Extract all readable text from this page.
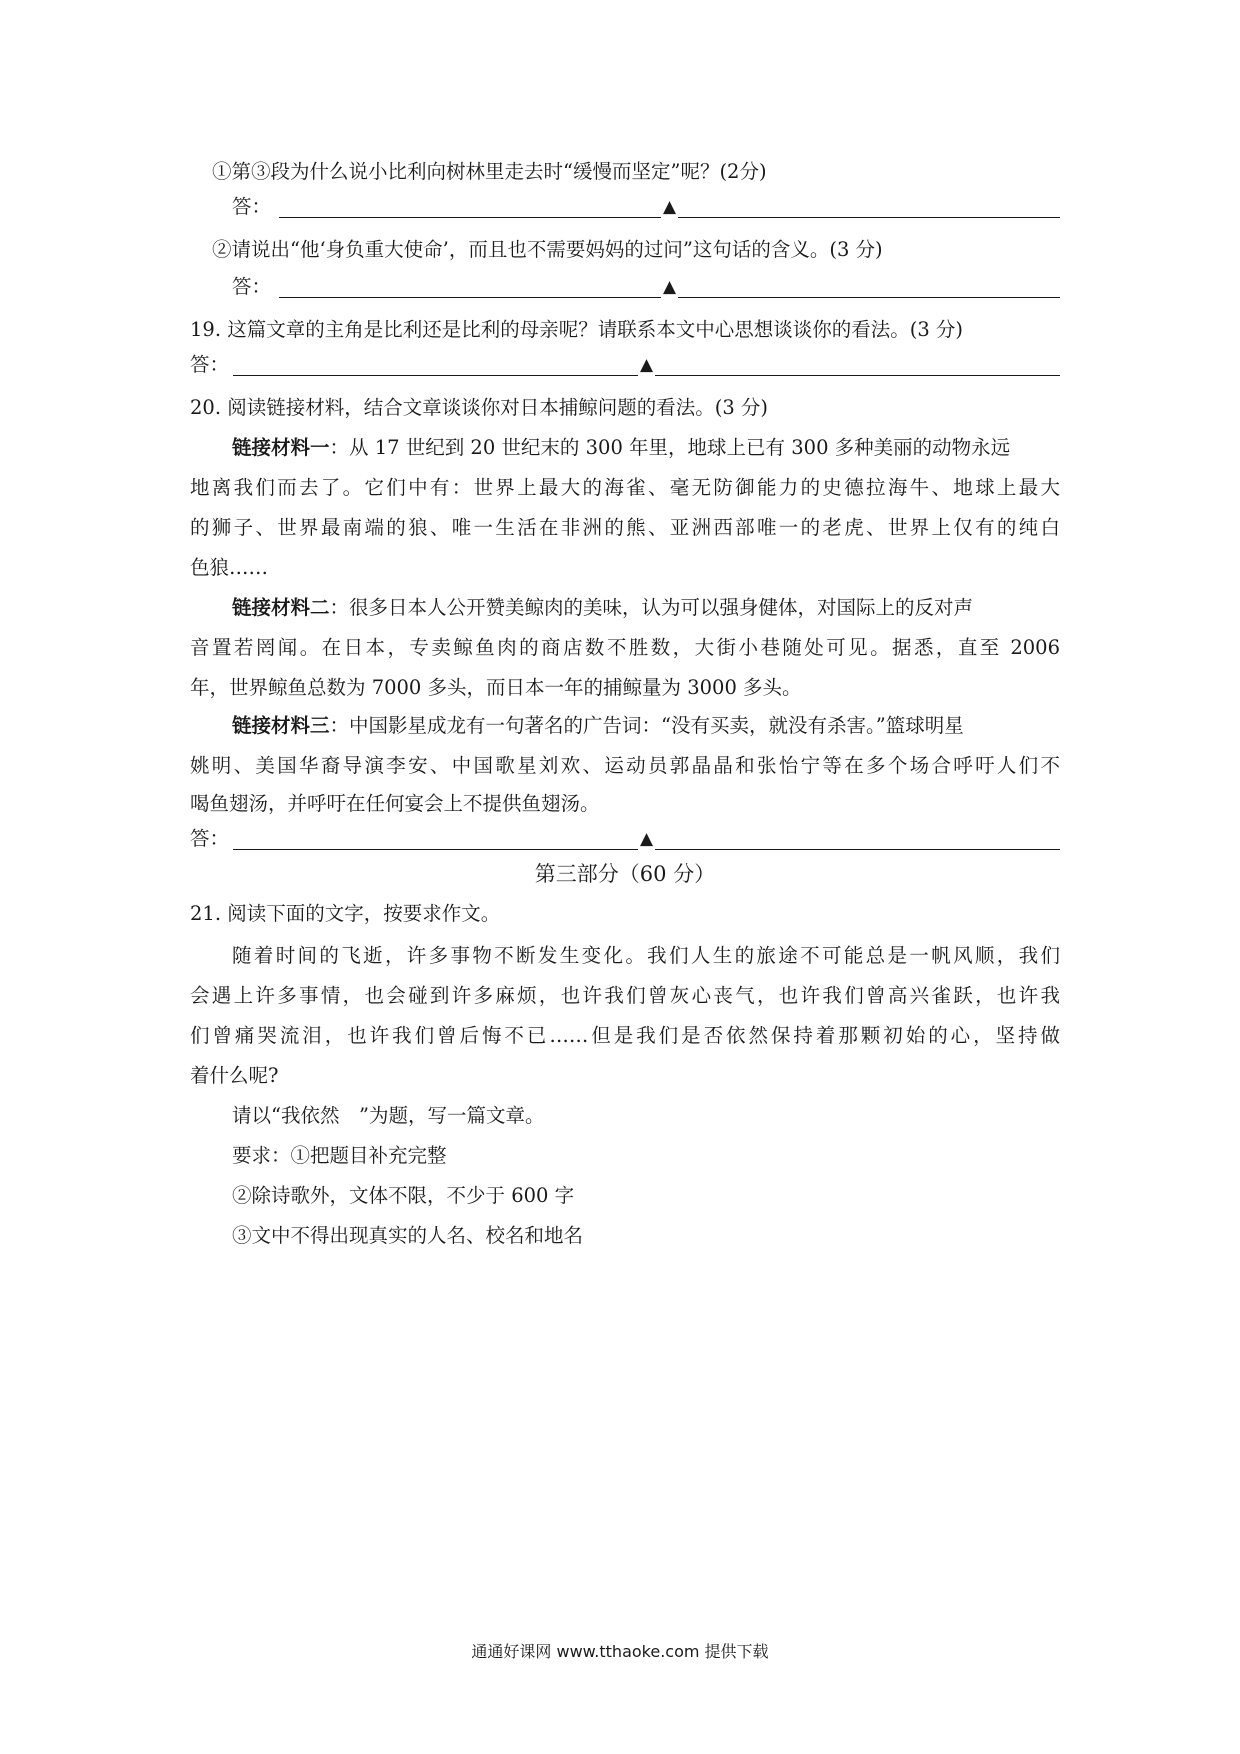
①第③段为什么说小比利向树林里走去时“缓慢而坚定”呢？(2分)
答：	▲
②请说出“他‘身负重大使命’，而且也不需要妈妈的过问”这句话的含义。(3 分)
答：	▲
19. 这篇文章的主角是比利还是比利的母亲呢？请联系本文中心思想谈谈你的看法。(3 分)
答：	▲
20. 阅读链接材料，结合文章谈谈你对日本捕鲸问题的看法。(3 分)
链接材料一：从 17 世纪到 20 世纪末的 300 年里，地球上已有 300 多种美丽的动物永远
地离我们而去了。它们中有：世界上最大的海雀、毫无防御能力的史德拉海牛、地球上最大
的狮子、世界最南端的狼、唯一生活在非洲的熊、亚洲西部唯一的老虎、世界上仅有的纯白
色狼……
链接材料二：很多日本人公开赞美鲸肉的美味，认为可以强身健体，对国际上的反对声
音置若罔闻。在日本，专卖鲸鱼肉的商店数不胜数，大街小巷随处可见。据悉，直至 2006
年，世界鲸鱼总数为 7000 多头，而日本一年的捕鲸量为 3000 多头。
链接材料三：中国影星成龙有一句著名的广告词：“没有买卖，就没有杀害。”篮球明星
姚明、美国华裔导演李安、中国歌星刘欢、运动员郭晶晶和张怡宁等在多个场合呼吁人们不
喝鱼翅汤，并呼吁在任何宴会上不提供鱼翅汤。
答：	▲
第三部分（60 分）
21. 阅读下面的文字，按要求作文。
随着时间的飞逝，许多事物不断发生变化。我们人生的旅途不可能总是一帆风顺，我们
会遇上许多事情，也会碰到许多麻烦，也许我们曾灰心丧气，也许我们曾高兴雀跃，也许我
们曾痛哭流泪，也许我们曾后悔不已……但是我们是否依然保持着那颗初始的心，坚持做
着什么呢?
请以“我依然　”为题，写一篇文章。
要求：①把题目补充完整
②除诗歌外，文体不限，不少于 600 字
③文中不得出现真实的人名、校名和地名
通通好课网 www.tthaoke.com 提供下载
